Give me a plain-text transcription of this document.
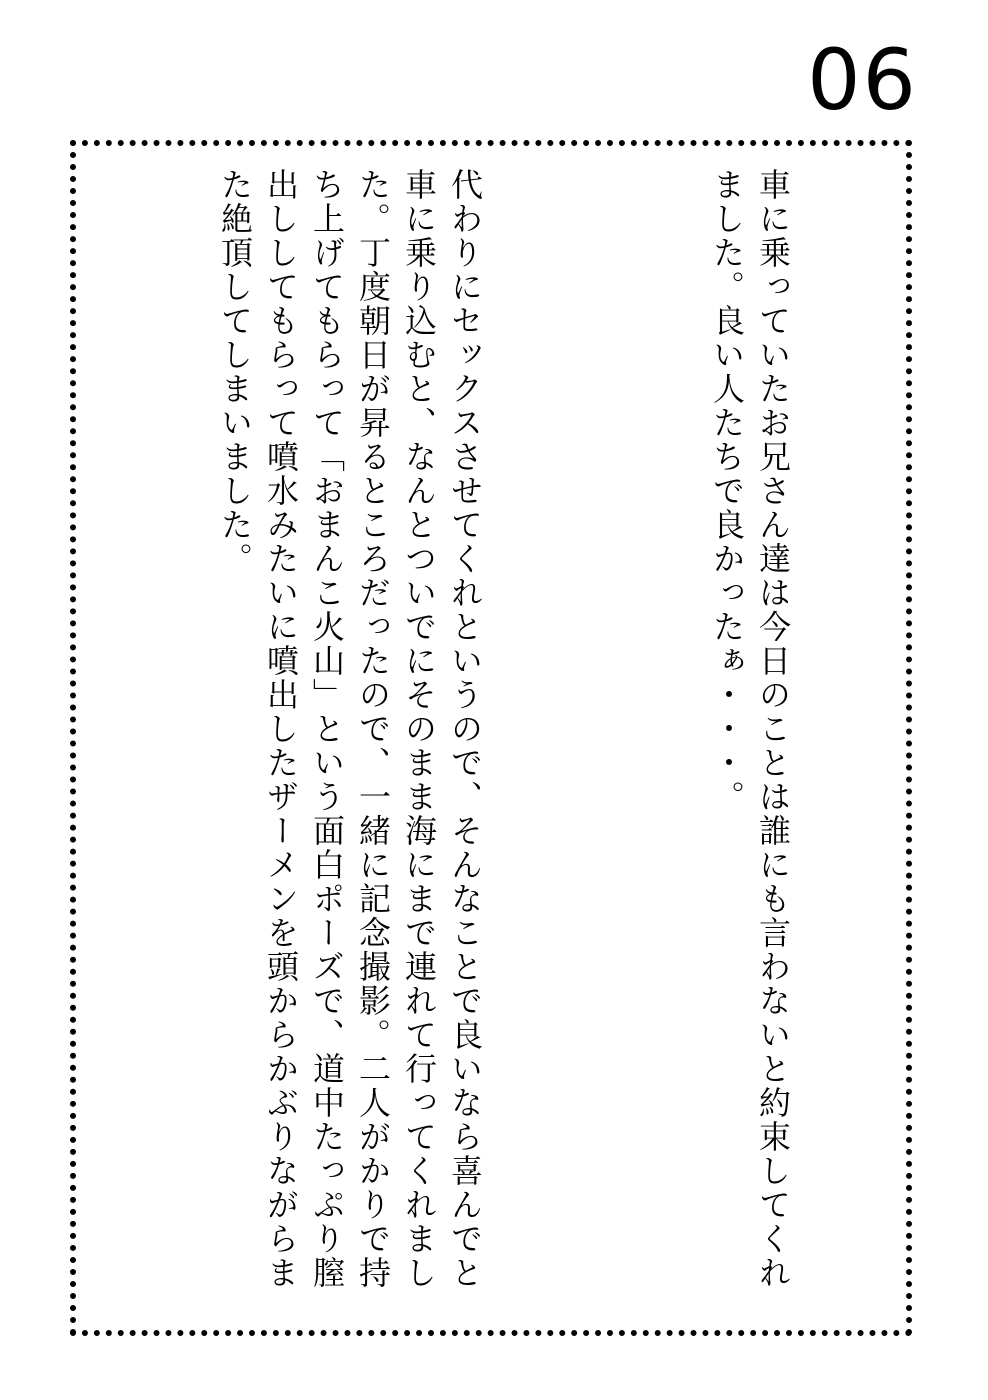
06

車に乗っていたお兄さん達は今日のことは誰にも言わないと約束してくれました。良い人たちで良かったぁ・・・。

代わりにセックスさせてくれというので、そんなことで良いなら喜んでと車に乗り込むと、なんとついでにそのまま海にまで連れて行ってくれました。丁度朝日が昇るところだったので、一緒に記念撮影。二人がかりで持ち上げてもらって「おまんこ火山」という面白ポーズで、道中たっぷり膣出ししてもらって噴水みたいに噴出したザーメンを頭からかぶりながらまた絶頂してしまいました。
